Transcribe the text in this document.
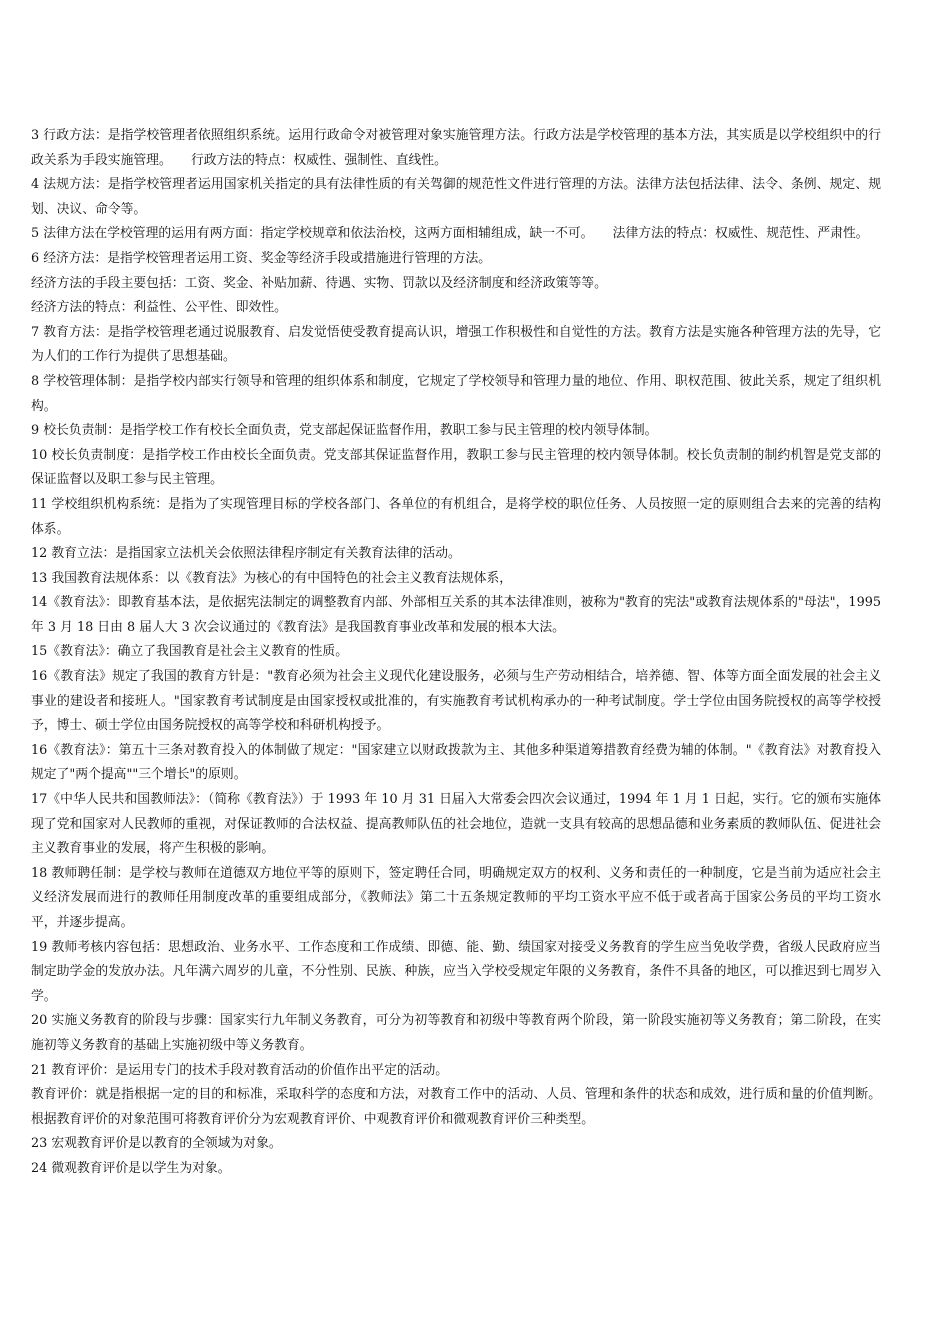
3 行政方法：是指学校管理者依照组织系统。运用行政命令对被管理对象实施管理方法。行政方法是学校管理的基本方法，其实质是以学校组织中的行政关系为手段实施管理。　　行政方法的特点：权威性、强制性、直线性。

4 法规方法：是指学校管理者运用国家机关指定的具有法律性质的有关驾御的规范性文件进行管理的方法。法律方法包括法律、法令、条例、规定、规划、决议、命令等。

5 法律方法在学校管理的运用有两方面：指定学校规章和依法治校，这两方面相辅组成，缺一不可。　　法律方法的特点：权威性、规范性、严肃性。

6 经济方法：是指学校管理者运用工资、奖金等经济手段或措施进行管理的方法。

经济方法的手段主要包括：工资、奖金、补贴加薪、待遇、实物、罚款以及经济制度和经济政策等等。

经济方法的特点：利益性、公平性、即效性。

7 教育方法：是指学校管理老通过说服教育、启发觉悟使受教育提高认识，增强工作积极性和自觉性的方法。教育方法是实施各种管理方法的先导，它为人们的工作行为提供了思想基础。

8 学校管理体制：是指学校内部实行领导和管理的组织体系和制度，它规定了学校领导和管理力量的地位、作用、职权范围、彼此关系，规定了组织机构。

9 校长负责制：是指学校工作有校长全面负责，党支部起保证监督作用，教职工参与民主管理的校内领导体制。

10 校长负责制度：是指学校工作由校长全面负责。党支部其保证监督作用，教职工参与民主管理的校内领导体制。校长负责制的制约机智是党支部的保证监督以及职工参与民主管理。

11 学校组织机构系统：是指为了实现管理目标的学校各部门、各单位的有机组合，是将学校的职位任务、人员按照一定的原则组合去来的完善的结构体系。

12 教育立法：是指国家立法机关会依照法律程序制定有关教育法律的活动。

13 我国教育法规体系：以《教育法》为核心的有中国特色的社会主义教育法规体系，

14《教育法》：即教育基本法，是依据宪法制定的调整教育内部、外部相互关系的其本法律准则，被称为"教育的宪法"或教育法规体系的"母法"，1995 年 3 月 18 日由 8 届人大 3 次会议通过的《教育法》是我国教育事业改革和发展的根本大法。

15《教育法》：确立了我国教育是社会主义教育的性质。

16《教育法》规定了我国的教育方针是："教育必须为社会主义现代化建设服务，必须与生产劳动相结合，培养德、智、体等方面全面发展的社会主义事业的建设者和接班人。"国家教育考试制度是由国家授权或批准的，有实施教育考试机构承办的一种考试制度。学士学位由国务院授权的高等学校授予，博士、硕士学位由国务院授权的高等学校和科研机构授予。

16《教育法》：第五十三条对教育投入的体制做了规定："国家建立以财政拨款为主、其他多种渠道筹措教育经费为辅的体制。"《教育法》对教育投入规定了"两个提高""三个增长"的原则。

17《中华人民共和国教师法》：（简称《教育法》）于 1993 年 10 月 31 日届入大常委会四次会议通过，1994 年 1 月 1 日起，实行。它的颁布实施体现了党和国家对人民教师的重视，对保证教师的合法权益、提高教师队伍的社会地位，造就一支具有较高的思想品德和业务素质的教师队伍、促进社会主义教育事业的发展，将产生积极的影响。

18 教师聘任制：是学校与教师在道德双方地位平等的原则下，签定聘任合同，明确规定双方的权利、义务和责任的一种制度，它是当前为适应社会主义经济发展而进行的教师任用制度改革的重要组成部分，《教师法》第二十五条规定教师的平均工资水平应不低于或者高于国家公务员的平均工资水平，并逐步提高。

19 教师考核内容包括：思想政治、业务水平、工作态度和工作成绩、即德、能、勤、绩国家对接受义务教育的学生应当免收学费，省级人民政府应当制定助学金的发放办法。凡年满六周岁的儿童，不分性别、民族、种族，应当入学校受规定年限的义务教育，条件不具备的地区，可以推迟到七周岁入学。

20 实施义务教育的阶段与步骤：国家实行九年制义务教育，可分为初等教育和初级中等教育两个阶段，第一阶段实施初等义务教育；第二阶段，在实施初等义务教育的基础上实施初级中等义务教育。

21 教育评价：是运用专门的技术手段对教育活动的价值作出平定的活动。

教育评价：就是指根据一定的目的和标准，采取科学的态度和方法，对教育工作中的活动、人员、管理和条件的状态和成效，进行质和量的价值判断。根据教育评价的对象范围可将教育评价分为宏观教育评价、中观教育评价和微观教育评价三种类型。

23 宏观教育评价是以教育的全领域为对象。

24 微观教育评价是以学生为对象。
